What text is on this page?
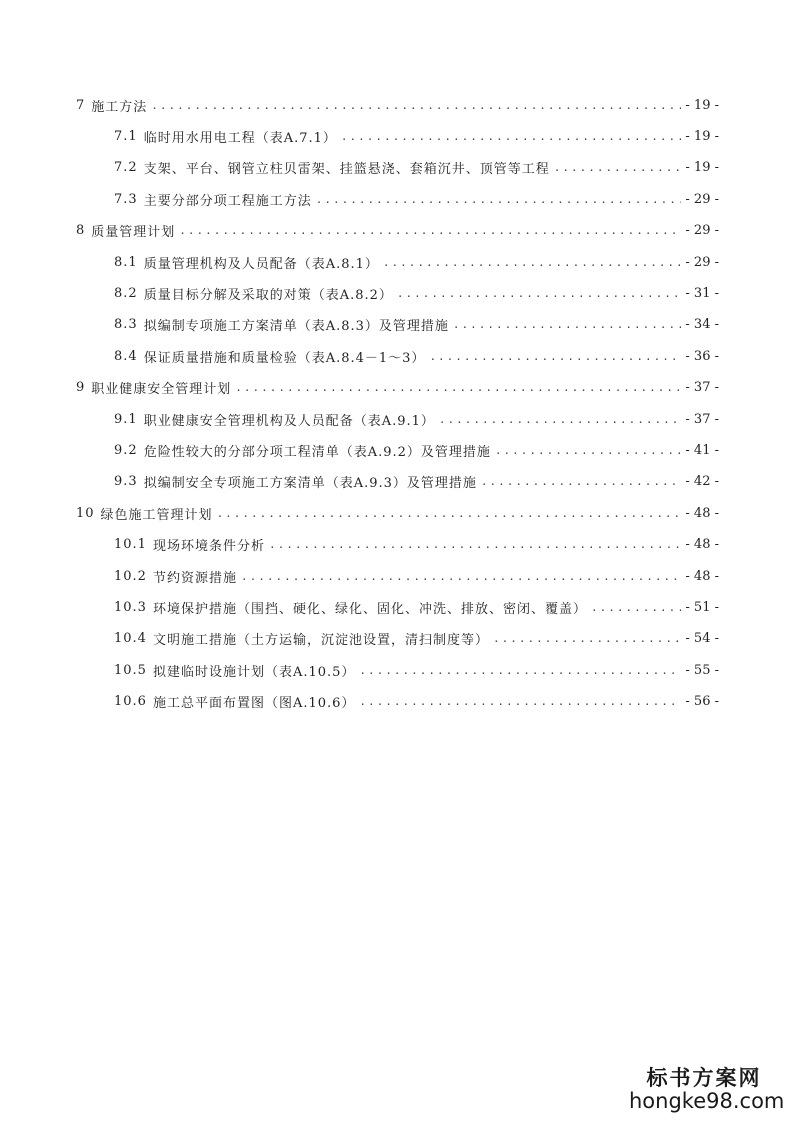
7 施工方法 .....	- 19 -
7.1 临时用水用电工程（表A.7.1） .....	- 19 -
7.2 支架、平台、钢管立柱贝雷架、挂篮悬浇、套箱沉井、顶管等工程 .....	- 19 -
7.3 主要分部分项工程施工方法 .....	- 29 -
8 质量管理计划 .....	- 29 -
8.1 质量管理机构及人员配备（表A.8.1） .....	- 29 -
8.2 质量目标分解及采取的对策（表A.8.2） .....	- 31 -
8.3 拟编制专项施工方案清单（表A.8.3）及管理措施 .....	- 34 -
8.4 保证质量措施和质量检验（表A.8.4－1～3） .....	- 36 -
9 职业健康安全管理计划 .....	- 37 -
9.1 职业健康安全管理机构及人员配备（表A.9.1） .....	- 37 -
9.2 危险性较大的分部分项工程清单（表A.9.2）及管理措施 .....	- 41 -
9.3 拟编制安全专项施工方案清单（表A.9.3）及管理措施 .....	- 42 -
10 绿色施工管理计划 .....	- 48 -
10.1 现场环境条件分析 .....	- 48 -
10.2 节约资源措施 .....	- 48 -
10.3 环境保护措施（围挡、硬化、绿化、固化、冲洗、排放、密闭、覆盖） .....	- 51 -
10.4 文明施工措施（土方运输，沉淀池设置，清扫制度等） .....	- 54 -
10.5 拟建临时设施计划（表A.10.5） .....	- 55 -
10.6 施工总平面布置图（图A.10.6） .....	- 56 -
标书方案网
hongke98.com
